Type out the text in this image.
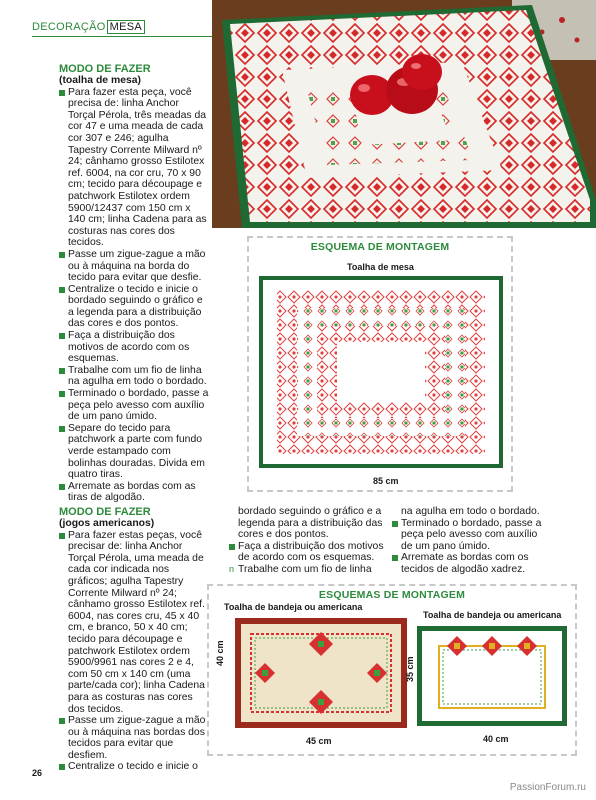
DECORAÇÃO MESA
MODO DE FAZER
(toalha de mesa)
Para fazer esta peça, você precisa de: linha Anchor Torçal Pérola, três meadas da cor 47 e uma meada de cada cor 307 e 246; agulha Tapestry Corrente Milward nº 24; cânhamo grosso Estilotex ref. 6004, na cor cru, 70 x 90 cm; tecido para découpage e patchwork Estilotex ordem 5900/12437 com 150 cm x 140 cm; linha Cadena para as costuras nas cores dos tecidos.
Passe um zigue-zague a mão ou à máquina na borda do tecido para evitar que desfie.
Centralize o tecido e inicie o bordado seguindo o gráfico e a legenda para a distribuição das cores e dos pontos.
Faça a distribuição dos motivos de acordo com os esquemas.
Trabalhe com um fio de linha na agulha em todo o bordado.
Terminado o bordado, passe a peça pelo avesso com auxílio de um pano úmido.
Separe do tecido para patchwork a parte com fundo verde estampado com bolinhas douradas. Divida em quatro tiras.
Arremate as bordas com as tiras de algodão.
ESQUEMA DE MONTAGEM
Toalha de mesa
85 cm
MODO DE FAZER
(jogos americanos)
Para fazer estas peças, você precisar de: linha Anchor Torçal Pérola, uma meada de cada cor indicada nos gráficos; agulha Tapestry Corrente Milward nº 24; cânhamo grosso Estilotex ref. 6004, nas cores cru, 45 x 40 cm, e branco, 50 x 40 cm; tecido para découpage e patchwork Estilotex ordem 5900/9961 nas cores 2 e 4, com 50 cm x 140 cm (uma parte/cada cor); linha Cadena para as costuras nas cores dos tecidos.
Passe um zigue-zague a mão ou à máquina nas bordas dos tecidos para evitar que desfiem.
Centralize o tecido e inicie o
bordado seguindo o gráfico e a legenda para a distribuição das cores e dos pontos.
Faça a distribuição dos motivos de acordo com os esquemas.
n Trabalhe com um fio de linha
na agulha em todo o bordado.
Terminado o bordado, passe a peça pelo avesso com auxílio de um pano úmido.
Arremate as bordas com os tecidos de algodão xadrez.
ESQUEMAS DE MONTAGEM
Toalha de bandeja ou americana
Toalha de bandeja ou americana
40 cm
45 cm
35 cm
40 cm
26
PassionForum.ru
